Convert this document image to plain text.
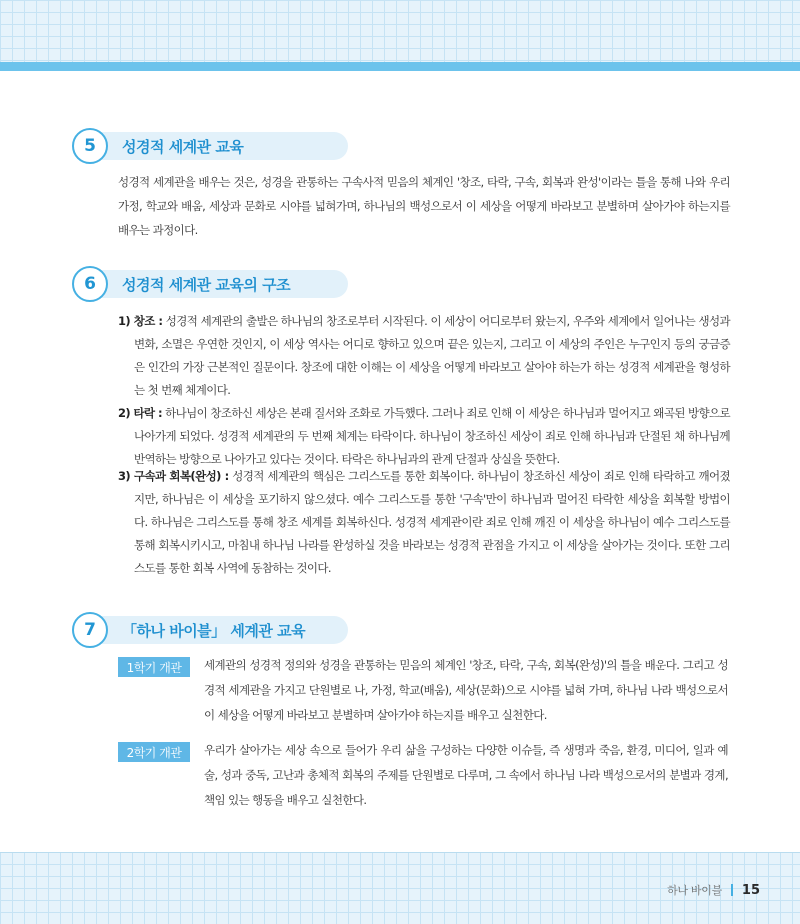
5	성경적 세계관 교육
성경적 세계관을 배우는 것은, 성경을 관통하는 구속사적 믿음의 체계인 '창조, 타락, 구속, 회복과 완성'이라는 틀을 통해 나와 우리 가정, 학교와 배움, 세상과 문화로 시야를 넓혀가며, 하나님의 백성으로서 이 세상을 어떻게 바라보고 분별하며 살아가야 하는지를 배우는 과정이다.
6	성경적 세계관 교육의 구조
1) 창조 : 성경적 세계관의 출발은 하나님의 창조로부터 시작된다. 이 세상이 어디로부터 왔는지, 우주와 세계에서 일어나는 생성과 변화, 소멸은 우연한 것인지, 이 세상 역사는 어디로 향하고 있으며 끝은 있는지, 그리고 이 세상의 주인은 누구인지 등의 궁금증은 인간의 가장 근본적인 질문이다. 창조에 대한 이해는 이 세상을 어떻게 바라보고 살아야 하는가 하는 성경적 세계관을 형성하는 첫 번째 체계이다.
2) 타락 : 하나님이 창조하신 세상은 본래 질서와 조화로 가득했다. 그러나 죄로 인해 이 세상은 하나님과 멀어지고 왜곡된 방향으로 나아가게 되었다. 성경적 세계관의 두 번째 체계는 타락이다. 하나님이 창조하신 세상이 죄로 인해 하나님과 단절된 채 하나님께 반역하는 방향으로 나아가고 있다는 것이다. 타락은 하나님과의 관계 단절과 상실을 뜻한다.
3) 구속과 회복(완성) : 성경적 세계관의 핵심은 그리스도를 통한 회복이다. 하나님이 창조하신 세상이 죄로 인해 타락하고 깨어졌지만, 하나님은 이 세상을 포기하지 않으셨다. 예수 그리스도를 통한 '구속'만이 하나님과 멀어진 타락한 세상을 회복할 방법이다. 하나님은 그리스도를 통해 창조 세계를 회복하신다. 성경적 세계관이란 죄로 인해 깨진 이 세상을 하나님이 예수 그리스도를 통해 회복시키시고, 마침내 하나님 나라를 완성하실 것을 바라보는 성경적 관점을 가지고 이 세상을 살아가는 것이다. 또한 그리스도를 통한 회복 사역에 동참하는 것이다.
7	「하나 바이블」 세계관 교육
1학기 개관	세계관의 성경적 정의와 성경을 관통하는 믿음의 체계인 '창조, 타락, 구속, 회복(완성)'의 틀을 배운다. 그리고 성경적 세계관을 가지고 단원별로 나, 가정, 학교(배움), 세상(문화)으로 시야를 넓혀 가며, 하나님 나라 백성으로서 이 세상을 어떻게 바라보고 분별하며 살아가야 하는지를 배우고 실천한다.
2학기 개관	우리가 살아가는 세상 속으로 들어가 우리 삶을 구성하는 다양한 이슈들, 즉 생명과 죽음, 환경, 미디어, 일과 예술, 성과 중독, 고난과 총체적 회복의 주제를 단원별로 다루며, 그 속에서 하나님 나라 백성으로서의 분별과 경계, 책임 있는 행동을 배우고 실천한다.
하나 바이블 15
